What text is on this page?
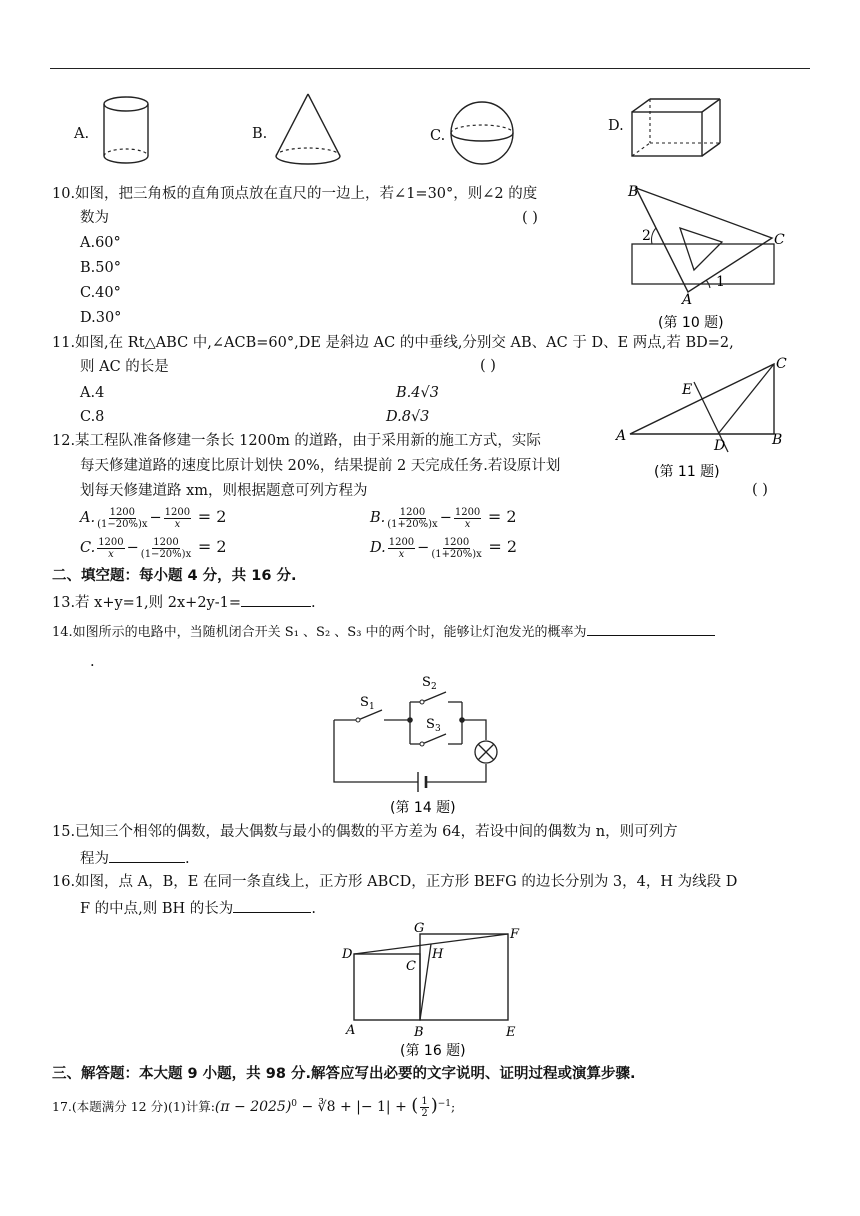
A.	B.	C.
D.
10.如图，把三角板的直角顶点放在直尺的一边上，若∠1=30°，则∠2 的度
数为	( )
A.60°
B.50°
C.40°
D.30°
B
C
A
1
2
(第 10 题)
11.如图,在 Rt△ABC 中,∠ACB=60°,DE 是斜边 AC 的中垂线,分别交 AB、AC 于 D、E 两点,若 BD=2,
则 AC 的长是	( )
A.4	B.4√3
C.8	D.8√3
C
E
A
D	B
(第 11 题)
12.某工程队准备修建一条长 1200m 的道路，由于采用新的施工方式，实际
每天修建道路的速度比原计划快 20%，结果提前 2 天完成任务.若设原计划
划每天修建道路 xm，则根据题意可列方程为	( )
A. $\frac{1200}{(1-20\%)x} - \frac{1200}{x} = 2$	B. $\frac{1200}{(1+20\%)x} - \frac{1200}{x} = 2$
C. $\frac{1200}{x} - \frac{1200}{(1-20\%)x} = 2$	D. $\frac{1200}{x} - \frac{1200}{(1+20\%)x} = 2$
二、填空题：每小题 4 分，共 16 分.
13.若 x+y=1,则 2x+2y-1=	.
14.如图所示的电路中，当随机闭合开关 S₁ 、S₂ 、S₃ 中的两个时，能够让灯泡发光的概率为
.
S 1
S 2
S 3
(第 14 题)
15.已知三个相邻的偶数，最大偶数与最小的偶数的平方差为 64，若设中间的偶数为 n，则可列方
程为	.
16.如图，点 A，B，E 在同一条直线上，正方形 ABCD，正方形 BEFG 的边长分别为 3，4，H 为线段 D
F 的中点,则 BH 的长为	.
G	F
D
C
H
A	B	E
(第 16 题)
三、解答题：本大题 9 小题，共 98 分.解答应写出必要的文字说明、证明过程或演算步骤.
17.(本题满分 12 分)(1)计算:(π − 2025)$^0$ − ∛8 + |− 1| + ( $\frac{1}{2} )^{-1}$;
